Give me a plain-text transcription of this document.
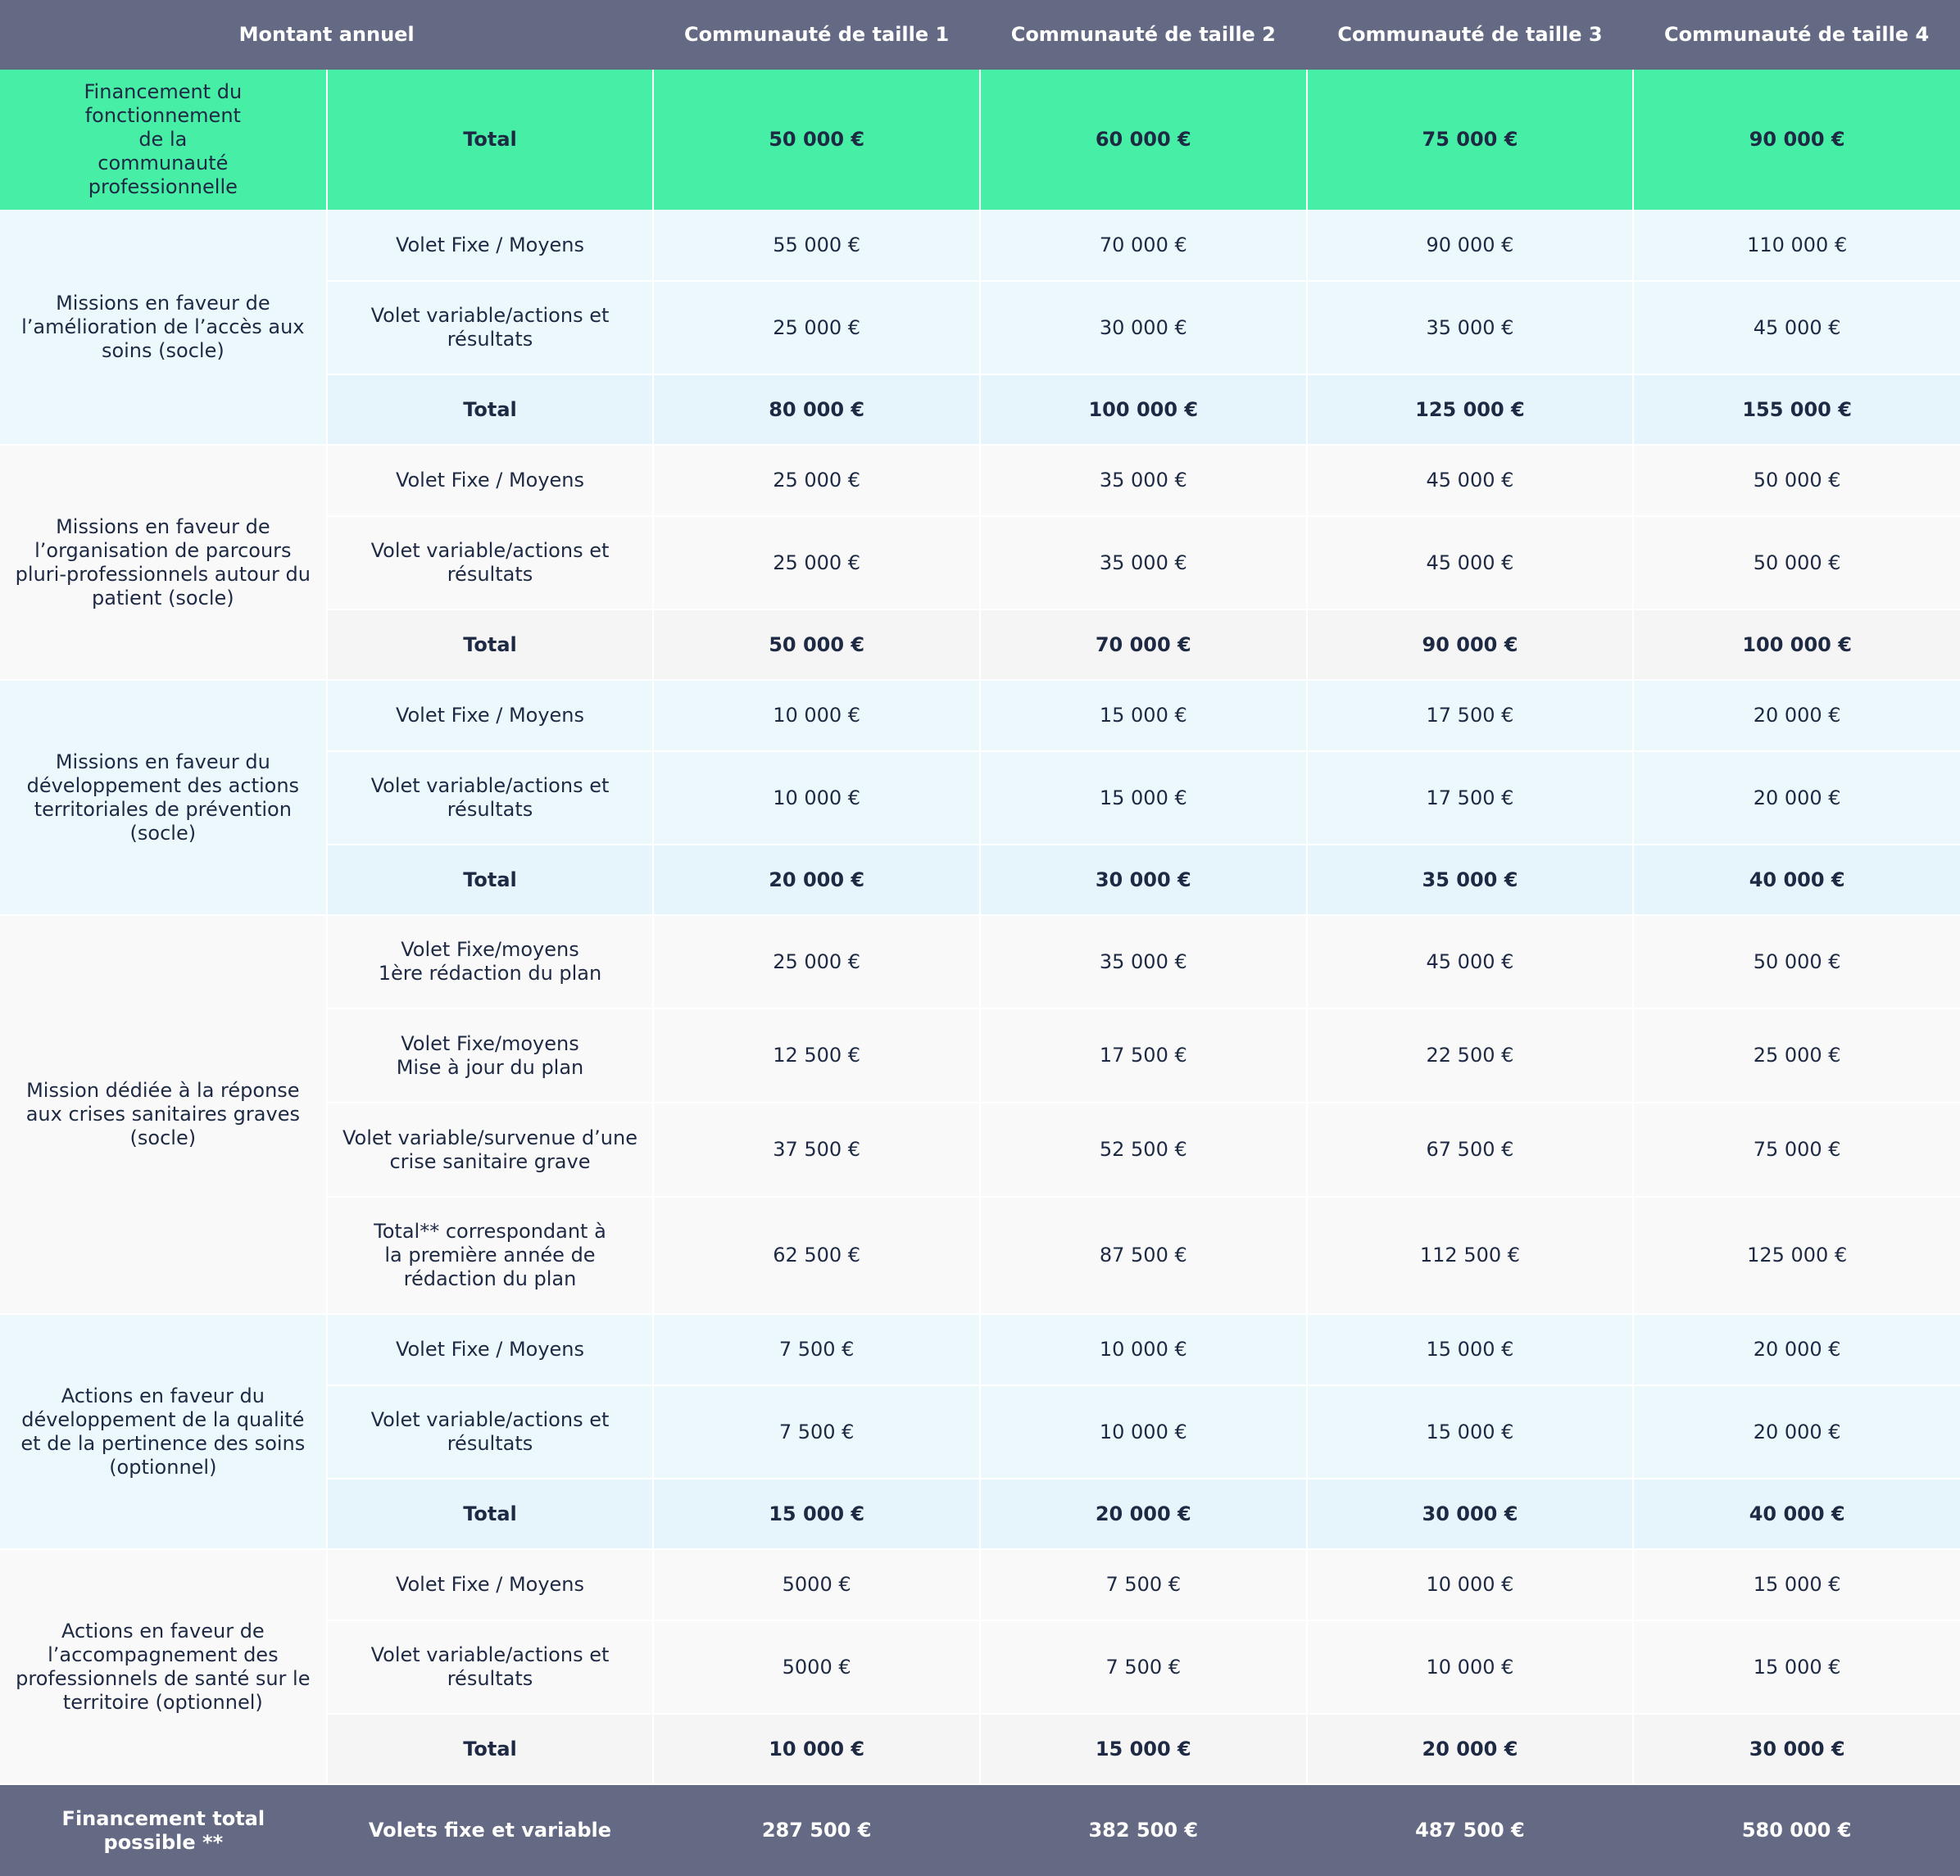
Montant annuel		Communauté de taille 1	Communauté de taille 2	Communauté de taille 3	Communauté de taille 4
Financement du fonctionnement de la communauté professionnelle	Total	50 000 €	60 000 €	75 000 €	90 000 €
Missions en faveur de l’amélioration de l’accès aux soins (socle)	Volet Fixe / Moyens	55 000 €	70 000 €	90 000 €	110 000 €
	Volet variable/actions et résultats	25 000 €	30 000 €	35 000 €	45 000 €
	Total	80 000 €	100 000 €	125 000 €	155 000 €
Missions en faveur de l’organisation de parcours pluri-professionnels autour du patient (socle)	Volet Fixe / Moyens	25 000 €	35 000 €	45 000 €	50 000 €
	Volet variable/actions et résultats	25 000 €	35 000 €	45 000 €	50 000 €
	Total	50 000 €	70 000 €	90 000 €	100 000 €
Missions en faveur du développement des actions territoriales de prévention (socle)	Volet Fixe / Moyens	10 000 €	15 000 €	17 500 €	20 000 €
	Volet variable/actions et résultats	10 000 €	15 000 €	17 500 €	20 000 €
	Total	20 000 €	30 000 €	35 000 €	40 000 €
Mission dédiée à la réponse aux crises sanitaires graves (socle)	Volet Fixe/moyens 1ère rédaction du plan	25 000 €	35 000 €	45 000 €	50 000 €
	Volet Fixe/moyens Mise à jour du plan	12 500 €	17 500 €	22 500 €	25 000 €
	Volet variable/survenue d’une crise sanitaire grave	37 500 €	52 500 €	67 500 €	75 000 €
	Total** correspondant à la première année de rédaction du plan	62 500 €	87 500 €	112 500 €	125 000 €
Actions en faveur du développement de la qualité et de la pertinence des soins (optionnel)	Volet Fixe / Moyens	7 500 €	10 000 €	15 000 €	20 000 €
	Volet variable/actions et résultats	7 500 €	10 000 €	15 000 €	20 000 €
	Total	15 000 €	20 000 €	30 000 €	40 000 €
Actions en faveur de l’accompagnement des professionnels de santé sur le territoire (optionnel)	Volet Fixe / Moyens	5000 €	7 500 €	10 000 €	15 000 €
	Volet variable/actions et résultats	5000 €	7 500 €	10 000 €	15 000 €
	Total	10 000 €	15 000 €	20 000 €	30 000 €
Financement total possible **	Volets fixe et variable	287 500 €	382 500 €	487 500 €	580 000 €
